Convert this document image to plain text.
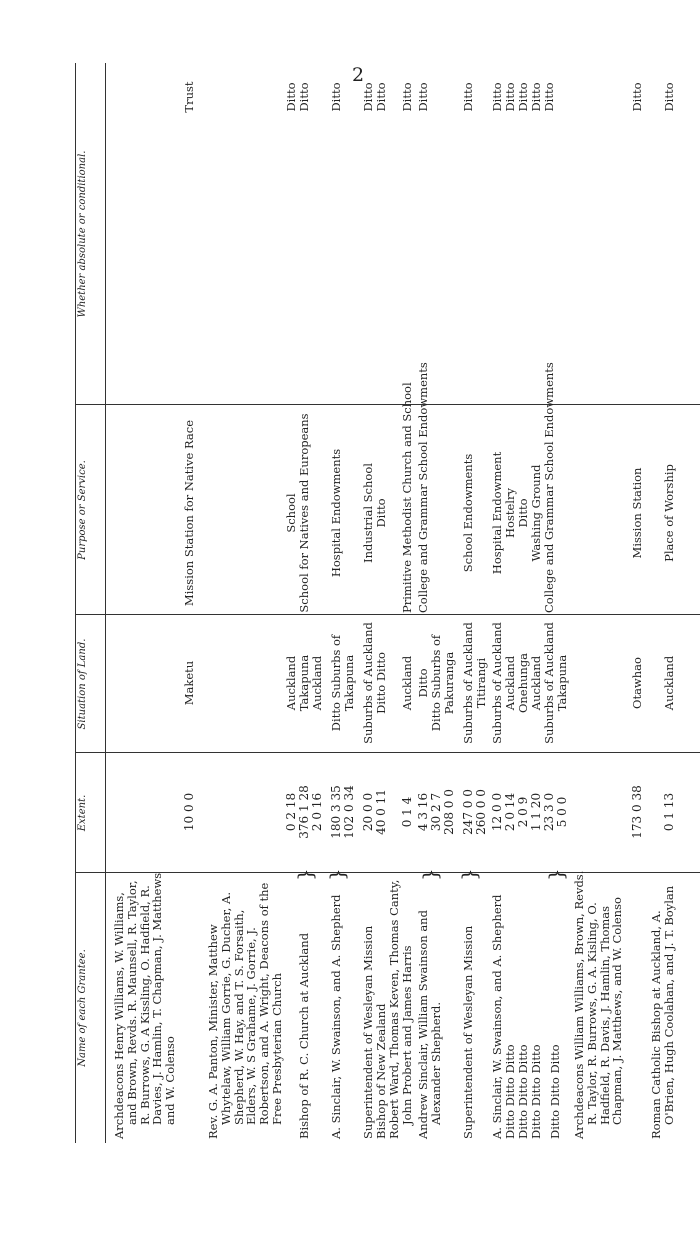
2
Name of each Grantee.
Extent.
Situation of Land.
Purpose or Service.
Whether absolute or conditional.
Archdeacons Henry Williams, W. Williams, and Brown, Revds. R. Maunsell, R. Taylor, R. Burrows, G. A Kissling, O. Hadfield, R. Davies, J. Hamlin, T. Chapman, J. Matthews and W. Colenso
10 0 0
Maketu
Mission Station for Native Race
Trust
Rev. G. A. Panton, Minister, Matthew Whytelaw, William Gorrie, G. Ducher, A. Shepherd, W. Hay, and T. S. Forsaith, Elders, W. S Grahame, J. Gorrie, J. Robertson, and A. Wright, Deacons of the Free Presbyterian Church
0 2 18
Auckland
School
Ditto
Bishop of R. C. Church at Auckland
}
376 1 28
Takapuna
School for Natives and Europeans
Ditto
2 0 16
Auckland
A. Sinclair, W. Swainson, and A. Shepherd
}
180 3 35
Ditto Suburbs of
Hospital Endowments
Ditto
102 0 34
Takapuna
Superintendent of Wesleyan Mission
20 0 0
Suburbs of Auckland
Industrial School
Ditto
Bishop of New Zealand
40 0 11
Ditto Ditto
Ditto
Ditto
Robert Ward, Thomas Keven, Thomas Canty, John Probert and James Harris
0 1 4
Auckland
Primitive Methodist Church and School
Ditto
Andrew Sinclair, William Swainson and Alexander Shepherd.
}
4 3 16
Ditto
College and Grammar School Endowments
Ditto
30 2 7
Ditto Suburbs of
208 0 0
Pakuranga
Superintendent of Wesleyan Mission
}
247 0 0
Suburbs of Auckland
School Endowments
Ditto
260 0 0
Titirangi
A. Sinclair, W. Swainson, and A. Shepherd
12 0 0
Suburbs of Auckland
Hospital Endowment
Ditto
Ditto Ditto Ditto
2 0 14
Auckland
Hostelry
Ditto
Ditto Ditto Ditto
2 0 9
Onehunga
Ditto
Ditto
Ditto Ditto Ditto
1 1 20
Auckland
Washing Ground
Ditto
Ditto Ditto Ditto
}
23 3 0
Suburbs of Auckland
College and Grammar School Endowments
Ditto
5 0 0
Takapuna
Archdeacons William Williams, Brown, Revds. R. Taylor, R. Burrows, G. A. Kisling, O. Hadfield, R. Davis, J. Hamlin, Thomas Chapman, J. Matthews, and W. Colenso
173 0 38
Otawhao
Mission Station
Ditto
Roman Catholic Bishop at Auckland, A. O'Brien, Hugh Coolahan, and J. T. Boylan
0 1 13
Auckland
Place of Worship
Ditto
